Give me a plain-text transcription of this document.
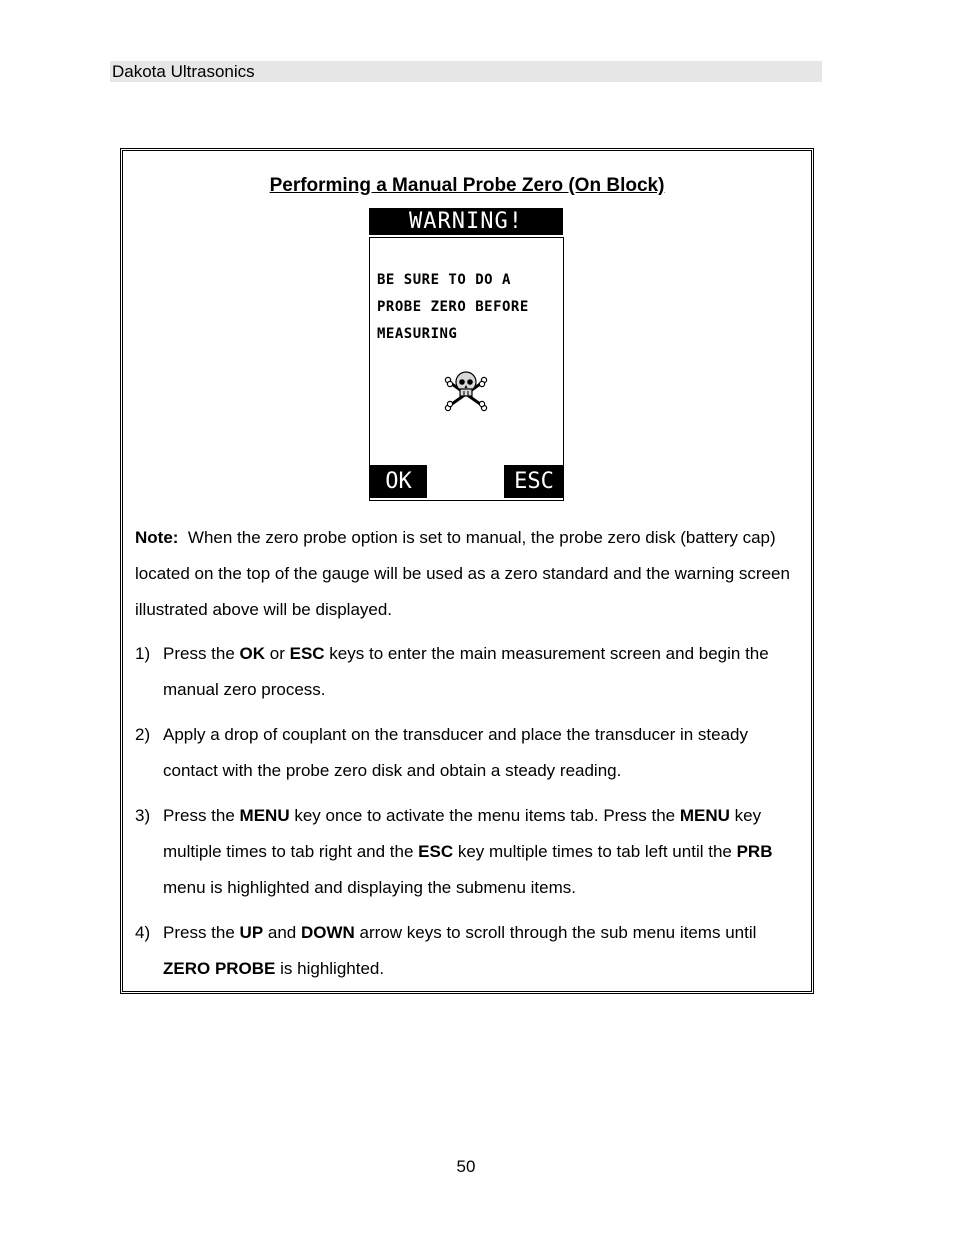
Dakota Ultrasonics
Performing a Manual Probe Zero (On Block)
WARNING!
BE SURE TO DO A
PROBE ZERO BEFORE
MEASURING
OK	ESC
Note: When the zero probe option is set to manual, the probe zero disk (battery cap) located on the top of the gauge will be used as a zero standard and the warning screen illustrated above will be displayed.
1) Press the OK or ESC keys to enter the main measurement screen and begin the manual zero process.
2) Apply a drop of couplant on the transducer and place the transducer in steady contact with the probe zero disk and obtain a steady reading.
3) Press the MENU key once to activate the menu items tab. Press the MENU key multiple times to tab right and the ESC key multiple times to tab left until the PRB menu is highlighted and displaying the submenu items.
4) Press the UP and DOWN arrow keys to scroll through the sub menu items until ZERO PROBE is highlighted.
50
